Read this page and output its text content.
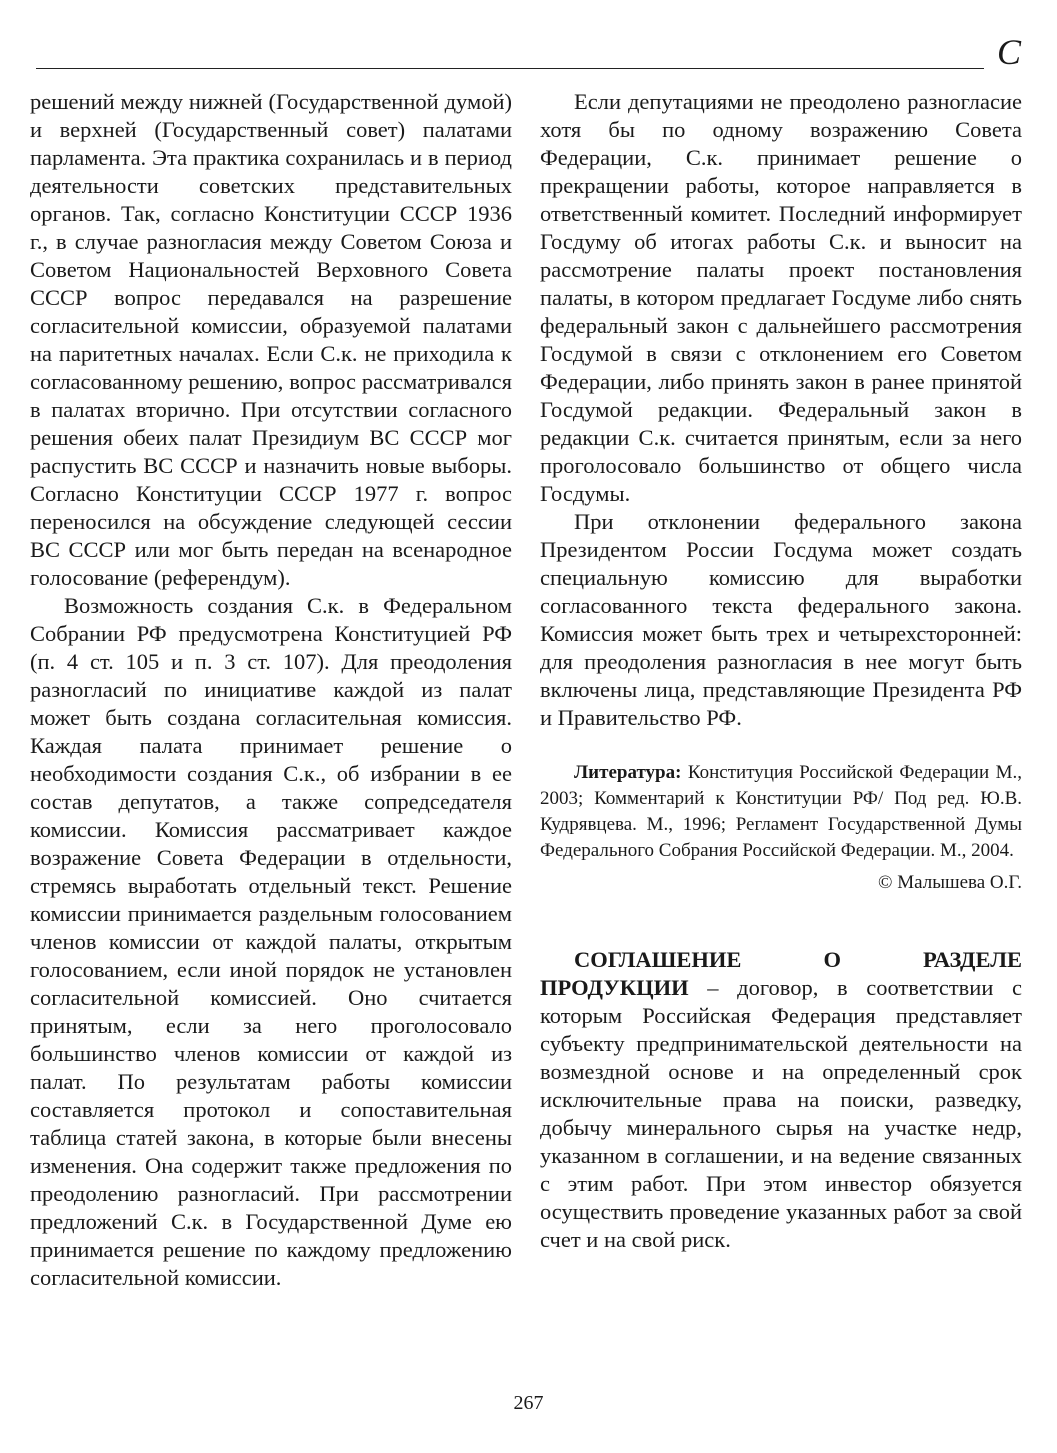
С

решений между нижней (Государственной думой) и верхней (Государственный совет) палатами парламента. Эта практика сохранилась и в период деятельности советских представительных органов. Так, согласно Конституции СССР 1936 г., в случае разногласия между Советом Союза и Советом Национальностей Верховного Совета СССР вопрос передавался на разрешение согласительной комиссии, образуемой палатами на паритетных началах. Если С.к. не приходила к согласованному решению, вопрос рассматривался в палатах вторично. При отсутствии согласного решения обеих палат Президиум ВС СССР мог распустить ВС СССР и назначить новые выборы. Согласно Конституции СССР 1977 г. вопрос переносился на обсуждение следующей сессии ВС СССР или мог быть передан на всенародное голосование (референдум).

Возможность создания С.к. в Федеральном Собрании РФ предусмотрена Конституцией РФ (п. 4 ст. 105 и п. 3 ст. 107). Для преодоления разногласий по инициативе каждой из палат может быть создана согласительная комиссия. Каждая палата принимает решение о необходимости создания С.к., об избрании в ее состав депутатов, а также сопредседателя комиссии. Комиссия рассматривает каждое возражение Совета Федерации в отдельности, стремясь выработать отдельный текст. Решение комиссии принимается раздельным голосованием членов комиссии от каждой палаты, открытым голосованием, если иной порядок не установлен согласительной комиссией. Оно считается принятым, если за него проголосовало большинство членов комиссии от каждой из палат. По результатам работы комиссии составляется протокол и сопоставительная таблица статей закона, в которые были внесены изменения. Она содержит также предложения по преодолению разногласий. При рассмотрении предложений С.к. в Государственной Думе ею принимается решение по каждому предложению согласительной комиссии.

Если депутациями не преодолено разногласие хотя бы по одному возражению Совета Федерации, С.к. принимает решение о прекращении работы, которое направляется в ответственный комитет. Последний информирует Госдуму об итогах работы С.к. и выносит на рассмотрение палаты проект постановления палаты, в котором предлагает Госдуме либо снять федеральный закон с дальнейшего рассмотрения Госдумой в связи с отклонением его Советом Федерации, либо принять закон в ранее принятой Госдумой редакции. Федеральный закон в редакции С.к. считается принятым, если за него проголосовало большинство от общего числа Госдумы.

При отклонении федерального закона Президентом России Госдума может создать специальную комиссию для выработки согласованного текста федерального закона. Комиссия может быть трех и четырехсторонней: для преодоления разногласия в нее могут быть включены лица, представляющие Президента РФ и Правительство РФ.

Литература: Конституция Российской Федерации М., 2003; Комментарий к Конституции РФ/ Под ред. Ю.В. Кудрявцева. М., 1996; Регламент Государственной Думы Федерального Собрания Российской Федерации. М., 2004.

© Малышева О.Г.

СОГЛАШЕНИЕ О РАЗДЕЛЕ ПРОДУКЦИИ – договор, в соответствии с которым Российская Федерация представляет субъекту предпринимательской деятельности на возмездной основе и на определенный срок исключительные права на поиски, разведку, добычу минерального сырья на участке недр, указанном в соглашении, и на ведение связанных с этим работ. При этом инвестор обязуется осуществить проведение указанных работ за свой счет и на свой риск.

267
